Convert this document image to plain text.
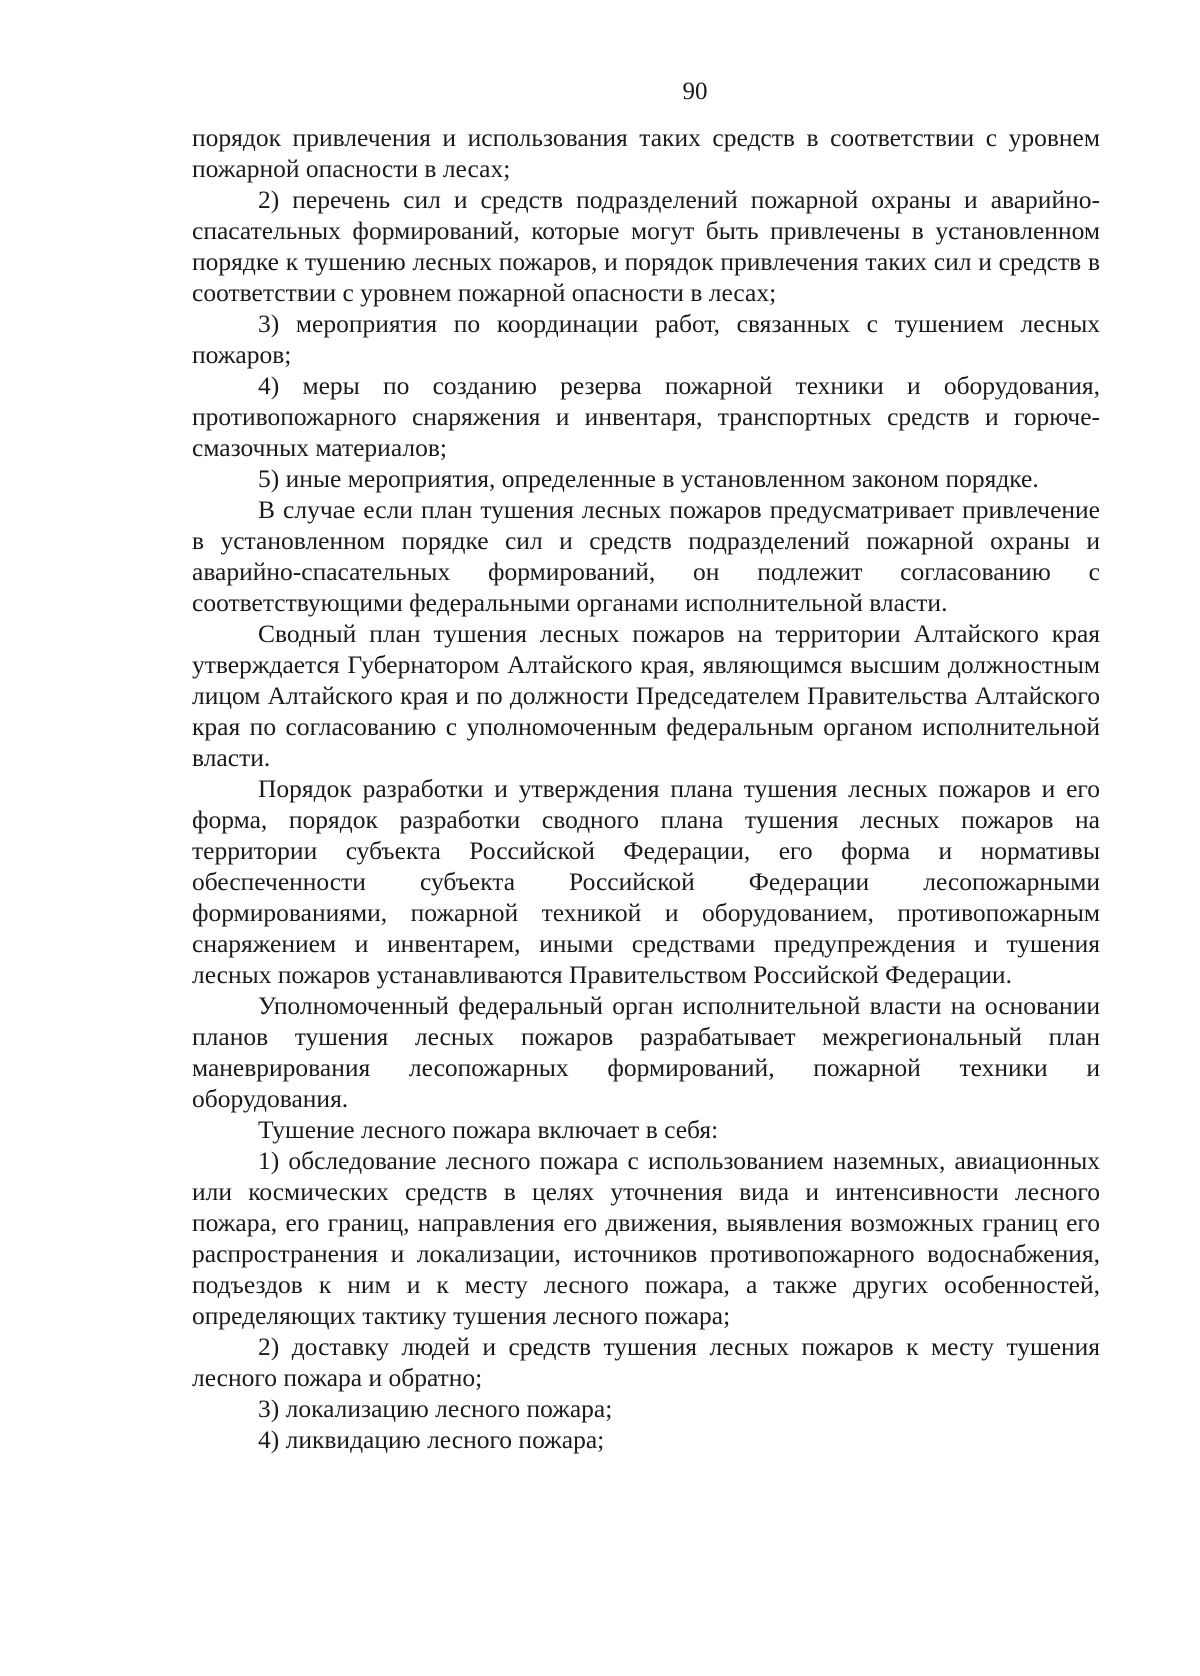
90

порядок привлечения и использования таких средств в соответствии с уровнем пожарной опасности в лесах;

2) перечень сил и средств подразделений пожарной охраны и аварийно-спасательных формирований, которые могут быть привлечены в установленном порядке к тушению лесных пожаров, и порядок привлечения таких сил и средств в соответствии с уровнем пожарной опасности в лесах;

3) мероприятия по координации работ, связанных с тушением лесных пожаров;

4) меры по созданию резерва пожарной техники и оборудования, противопожарного снаряжения и инвентаря, транспортных средств и горюче-смазочных материалов;

5) иные мероприятия, определенные в установленном законом порядке.

В случае если план тушения лесных пожаров предусматривает привлечение в установленном порядке сил и средств подразделений пожарной охраны и аварийно-спасательных формирований, он подлежит согласованию с соответствующими федеральными органами исполнительной власти.

Сводный план тушения лесных пожаров на территории Алтайского края утверждается Губернатором Алтайского края, являющимся высшим должностным лицом Алтайского края и по должности Председателем Правительства Алтайского края по согласованию с уполномоченным федеральным органом исполнительной власти.

Порядок разработки и утверждения плана тушения лесных пожаров и его форма, порядок разработки сводного плана тушения лесных пожаров на территории субъекта Российской Федерации, его форма и нормативы обеспеченности субъекта Российской Федерации лесопожарными формированиями, пожарной техникой и оборудованием, противопожарным снаряжением и инвентарем, иными средствами предупреждения и тушения лесных пожаров устанавливаются Правительством Российской Федерации.

Уполномоченный федеральный орган исполнительной власти на основании планов тушения лесных пожаров разрабатывает межрегиональный план маневрирования лесопожарных формирований, пожарной техники и оборудования.

Тушение лесного пожара включает в себя:

1) обследование лесного пожара с использованием наземных, авиационных или космических средств в целях уточнения вида и интенсивности лесного пожара, его границ, направления его движения, выявления возможных границ его распространения и локализации, источников противопожарного водоснабжения, подъездов к ним и к месту лесного пожара, а также других особенностей, определяющих тактику тушения лесного пожара;

2) доставку людей и средств тушения лесных пожаров к месту тушения лесного пожара и обратно;

3) локализацию лесного пожара;

4) ликвидацию лесного пожара;
